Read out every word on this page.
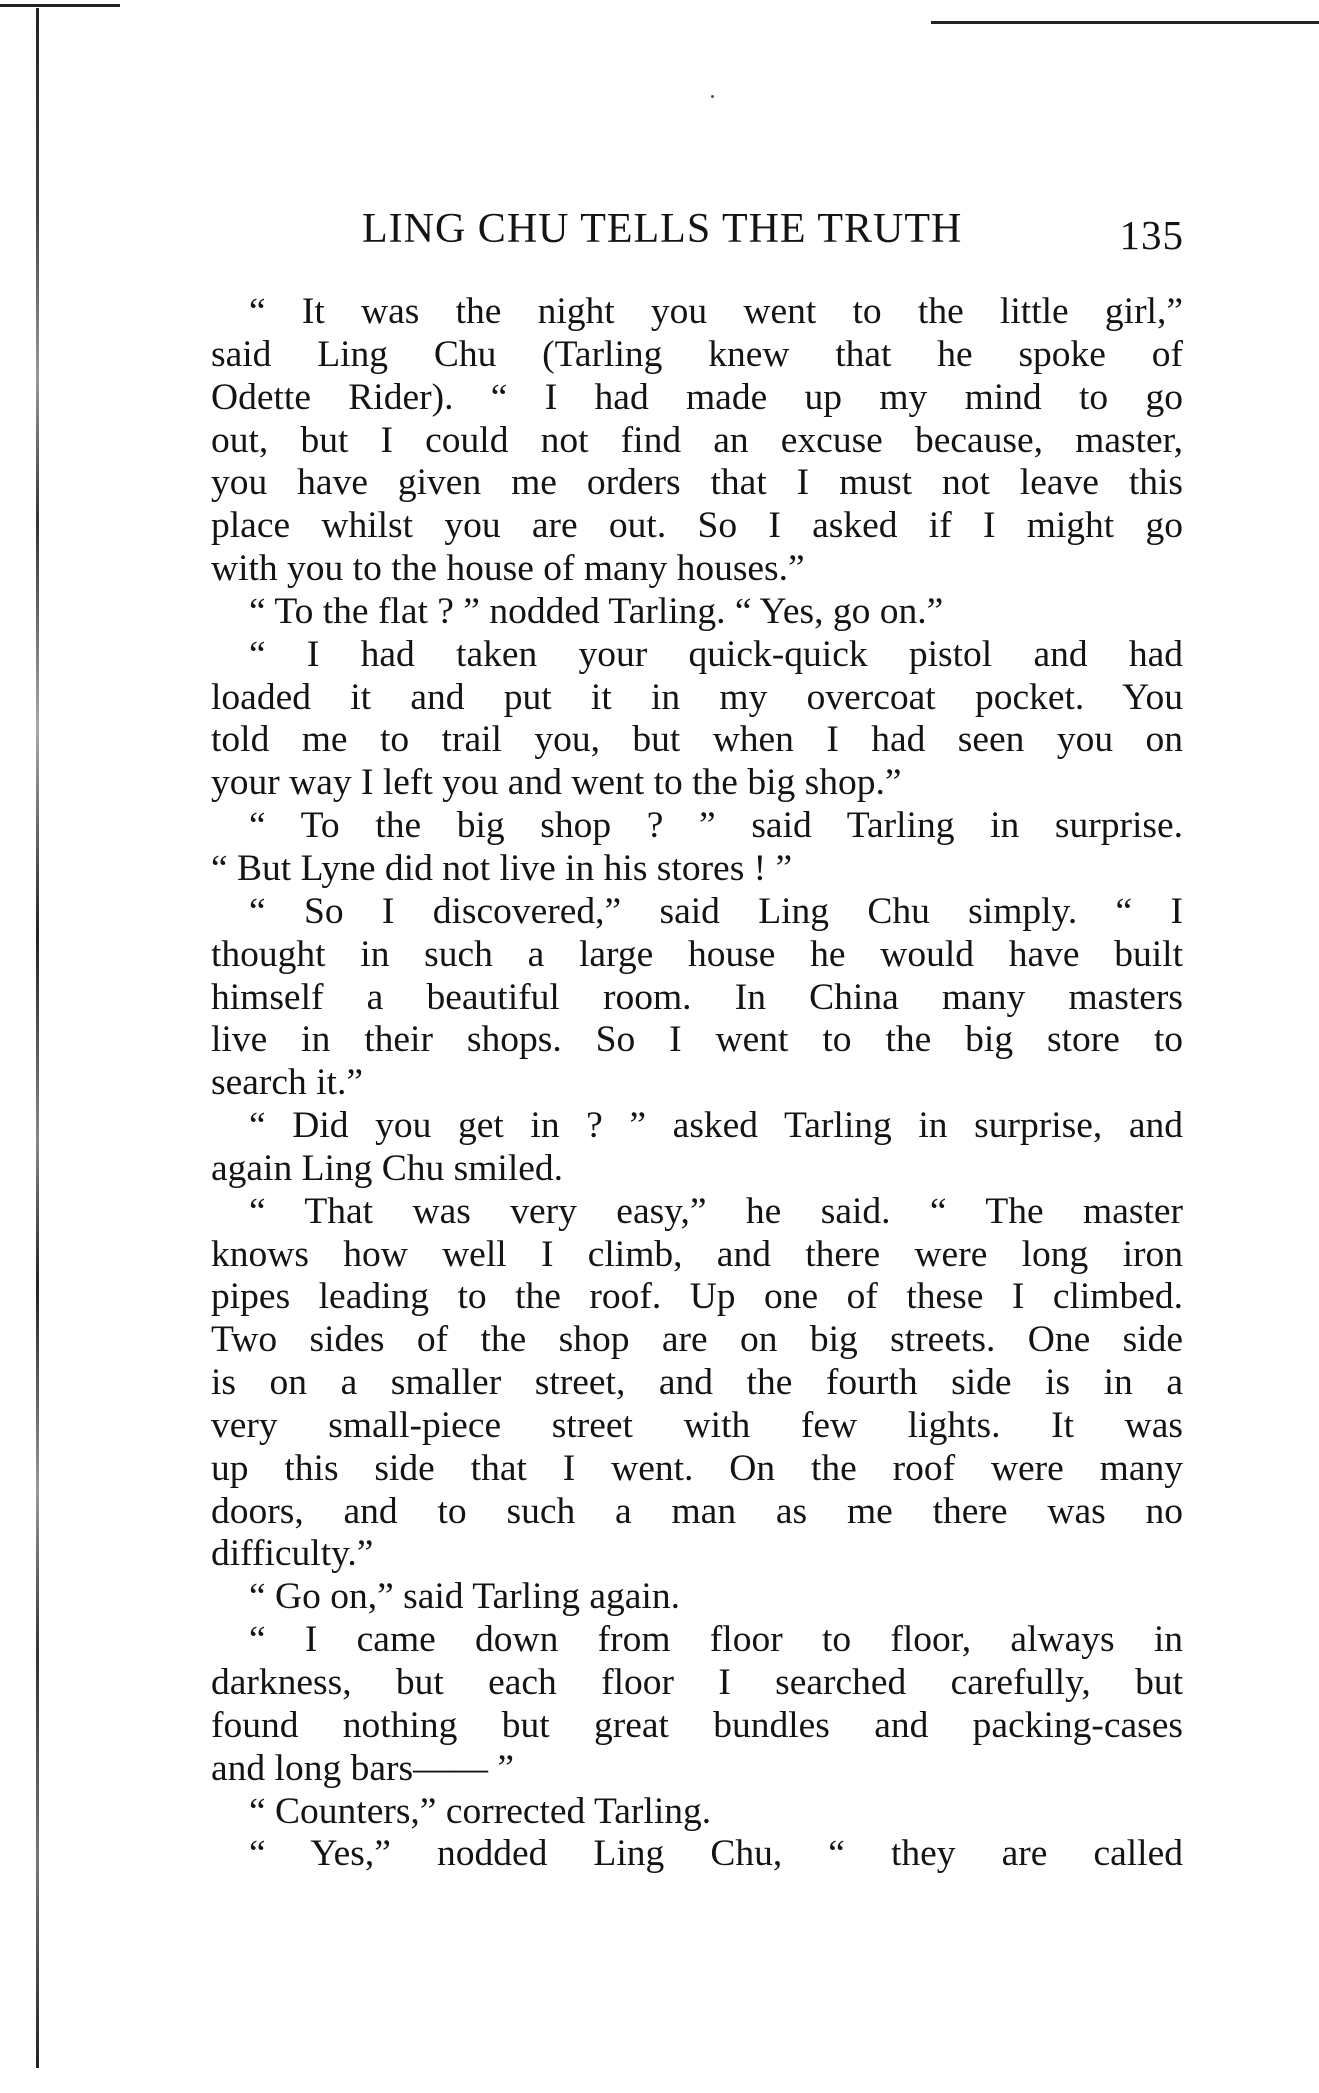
LING CHU TELLS THE TRUTH	135
“ It was the night you went to the little girl,”
said Ling Chu (Tarling knew that he spoke of
Odette Rider). “ I had made up my mind to go
out, but I could not find an excuse because, master,
you have given me orders that I must not leave this
place whilst you are out. So I asked if I might go
with you to the house of many houses.”
“ To the flat ? ” nodded Tarling. “ Yes, go on.”
“ I had taken your quick-quick pistol and had
loaded it and put it in my overcoat pocket. You
told me to trail you, but when I had seen you on
your way I left you and went to the big shop.”
“ To the big shop ? ” said Tarling in surprise.
“ But Lyne did not live in his stores ! ”
“ So I discovered,” said Ling Chu simply. “ I
thought in such a large house he would have built
himself a beautiful room. In China many masters
live in their shops. So I went to the big store to
search it.”
“ Did you get in ? ” asked Tarling in surprise, and
again Ling Chu smiled.
“ That was very easy,” he said. “ The master
knows how well I climb, and there were long iron
pipes leading to the roof. Up one of these I climbed.
Two sides of the shop are on big streets. One side
is on a smaller street, and the fourth side is in a
very small-piece street with few lights. It was
up this side that I went. On the roof were many
doors, and to such a man as me there was no
difficulty.”
“ Go on,” said Tarling again.
“ I came down from floor to floor, always in
darkness, but each floor I searched carefully, but
found nothing but great bundles and packing-cases
and long bars—— ”
“ Counters,” corrected Tarling.
“ Yes,” nodded Ling Chu, “ they are called
